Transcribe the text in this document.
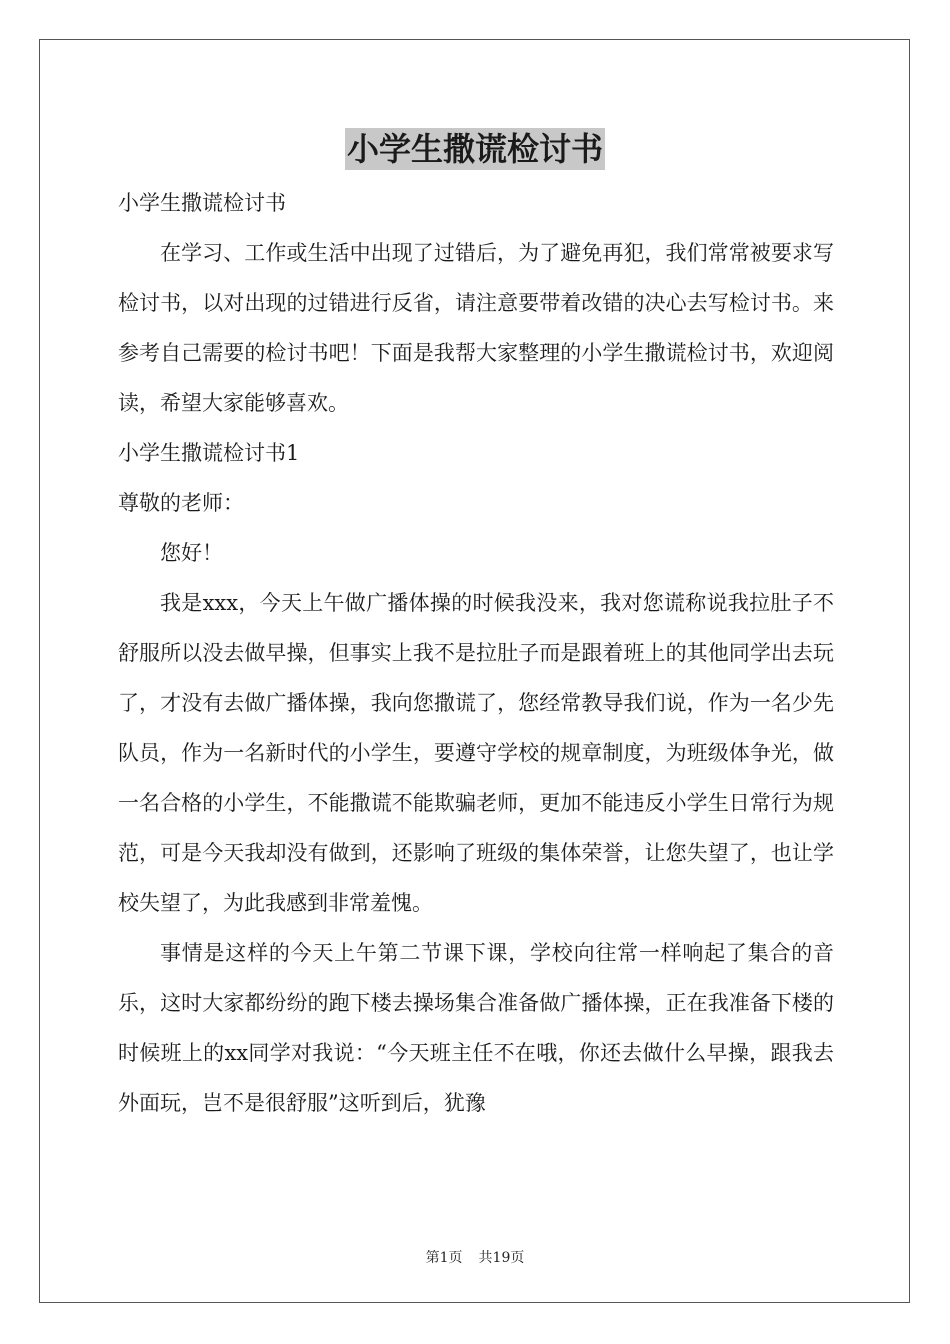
小学生撒谎检讨书

小学生撒谎检讨书

在学习、工作或生活中出现了过错后，为了避免再犯，我们常常被要求写检讨书，以对出现的过错进行反省，请注意要带着改错的决心去写检讨书。来参考自己需要的检讨书吧！下面是我帮大家整理的小学生撒谎检讨书，欢迎阅读，希望大家能够喜欢。

小学生撒谎检讨书1

尊敬的老师：

您好！

我是xxx，今天上午做广播体操的时候我没来，我对您谎称说我拉肚子不舒服所以没去做早操，但事实上我不是拉肚子而是跟着班上的其他同学出去玩了，才没有去做广播体操，我向您撒谎了，您经常教导我们说，作为一名少先队员，作为一名新时代的小学生，要遵守学校的规章制度，为班级体争光，做一名合格的小学生，不能撒谎不能欺骗老师，更加不能违反小学生日常行为规范，可是今天我却没有做到，还影响了班级的集体荣誉，让您失望了，也让学校失望了，为此我感到非常羞愧。

事情是这样的今天上午第二节课下课，学校向往常一样响起了集合的音乐，这时大家都纷纷的跑下楼去操场集合准备做广播体操，正在我准备下楼的时候班上的xx同学对我说：“今天班主任不在哦，你还去做什么早操，跟我去外面玩，岂不是很舒服”这听到后，犹豫

第1页 共19页
